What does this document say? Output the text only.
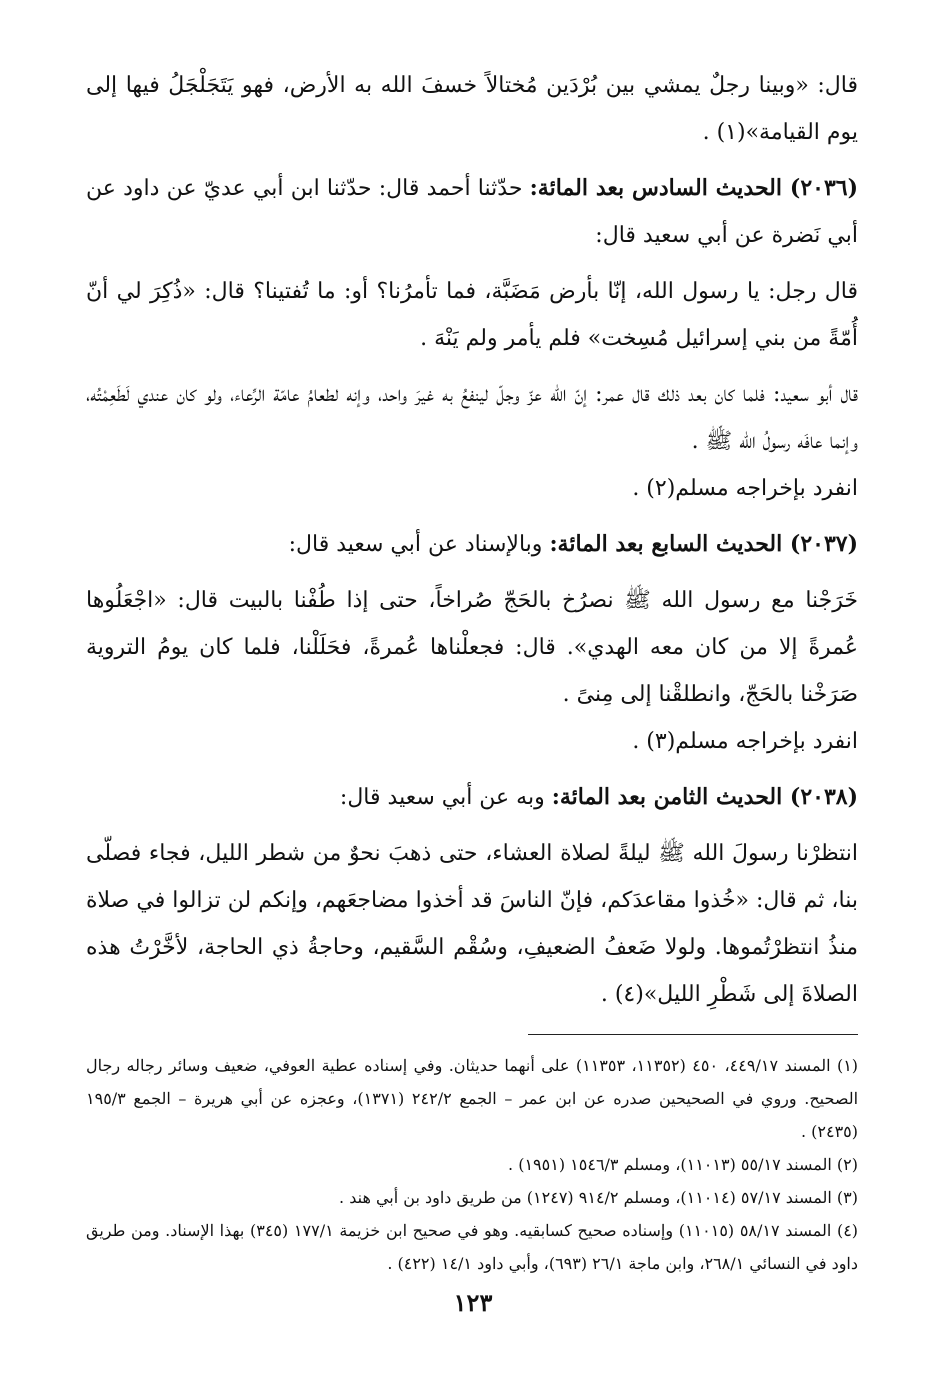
قال: «وبينا رجلٌ يمشي بين بُرْدَين مُختالاً خسفَ الله به الأرض، فهو يَتَجَلْجَلُ فيها إلى يوم القيامة»(١) .

(٢٠٣٦) الحديث السادس بعد المائة: حدّثنا أحمد قال: حدّثنا ابن أبي عديّ عن داود عن أبي نَضرة عن أبي سعيد قال:

قال رجل: يا رسول الله، إنّا بأرض مَضَبَّة، فما تأمرُنا؟ أو: ما تُفتينا؟ قال: «ذُكِرَ لي أنّ أُمّةً من بني إسرائيل مُسِخت» فلم يأمر ولم يَنْهَ .

قال أبو سعيد: فلما كان بعد ذلك قال عمر: إنّ اللّه عزّ وجلّ لينفعُ به غيرَ واحد، وإنه لطعامُ عامّة الرِّعاء، ولو كان عندي لَطَعِمْتُه، وإنما عافَه رسولُ الله ﷺ .

انفرد بإخراجه مسلم(٢) .

(٢٠٣٧) الحديث السابع بعد المائة: وبالإسناد عن أبي سعيد قال:

خَرَجْنا مع رسول الله ﷺ نصرُخ بالحَجّ صُراخاً، حتى إذا طُفْنا بالبيت قال: «اجْعَلُوها عُمرةً إلا من كان معه الهدي». قال: فجعلْناها عُمرةً، فحَلَلْنا، فلما كان يومُ التروية صَرَخْنا بالحَجّ، وانطلقْنا إلى مِنىً .

انفرد بإخراجه مسلم(٣) .

(٢٠٣٨) الحديث الثامن بعد المائة: وبه عن أبي سعيد قال:

انتظرْنا رسولَ الله ﷺ ليلةً لصلاة العشاء، حتى ذهبَ نحوٌ من شطر الليل، فجاء فصلّى بنا، ثم قال: «خُذوا مقاعدَكم، فإنّ الناسَ قد أخذوا مضاجعَهم، وإنكم لن تزالوا في صلاة منذُ انتظرْتُموها. ولولا ضَعفُ الضعيفِ، وسُقْم السَّقيم، وحاجةُ ذي الحاجة، لأخَّرْتُ هذه الصلاةَ إلى شَطْرِ الليل»(٤) .

(١) المسند ٤٤٩/١٧، ٤٥٠ (١١٣٥٢، ١١٣٥٣) على أنهما حديثان. وفي إسناده عطية العوفي، ضعيف وسائر رجاله رجال الصحيح. وروي في الصحيحين صدره عن ابن عمر – الجمع ٢٤٢/٢ (١٣٧١)، وعجزه عن أبي هريرة – الجمع ١٩٥/٣ (٢٤٣٥) .

(٢) المسند ٥٥/١٧ (١١٠١٣)، ومسلم ١٥٤٦/٣ (١٩٥١) .

(٣) المسند ٥٧/١٧ (١١٠١٤)، ومسلم ٩١٤/٢ (١٢٤٧) من طريق داود بن أبي هند .

(٤) المسند ٥٨/١٧ (١١٠١٥) وإسناده صحيح كسابقيه. وهو في صحيح ابن خزيمة ١٧٧/١ (٣٤٥) بهذا الإسناد. ومن طريق داود في النسائي ٢٦٨/١، وابن ماجة ٢٦/١ (٦٩٣)، وأبي داود ١٤/١ (٤٢٢) .

١٢٣
